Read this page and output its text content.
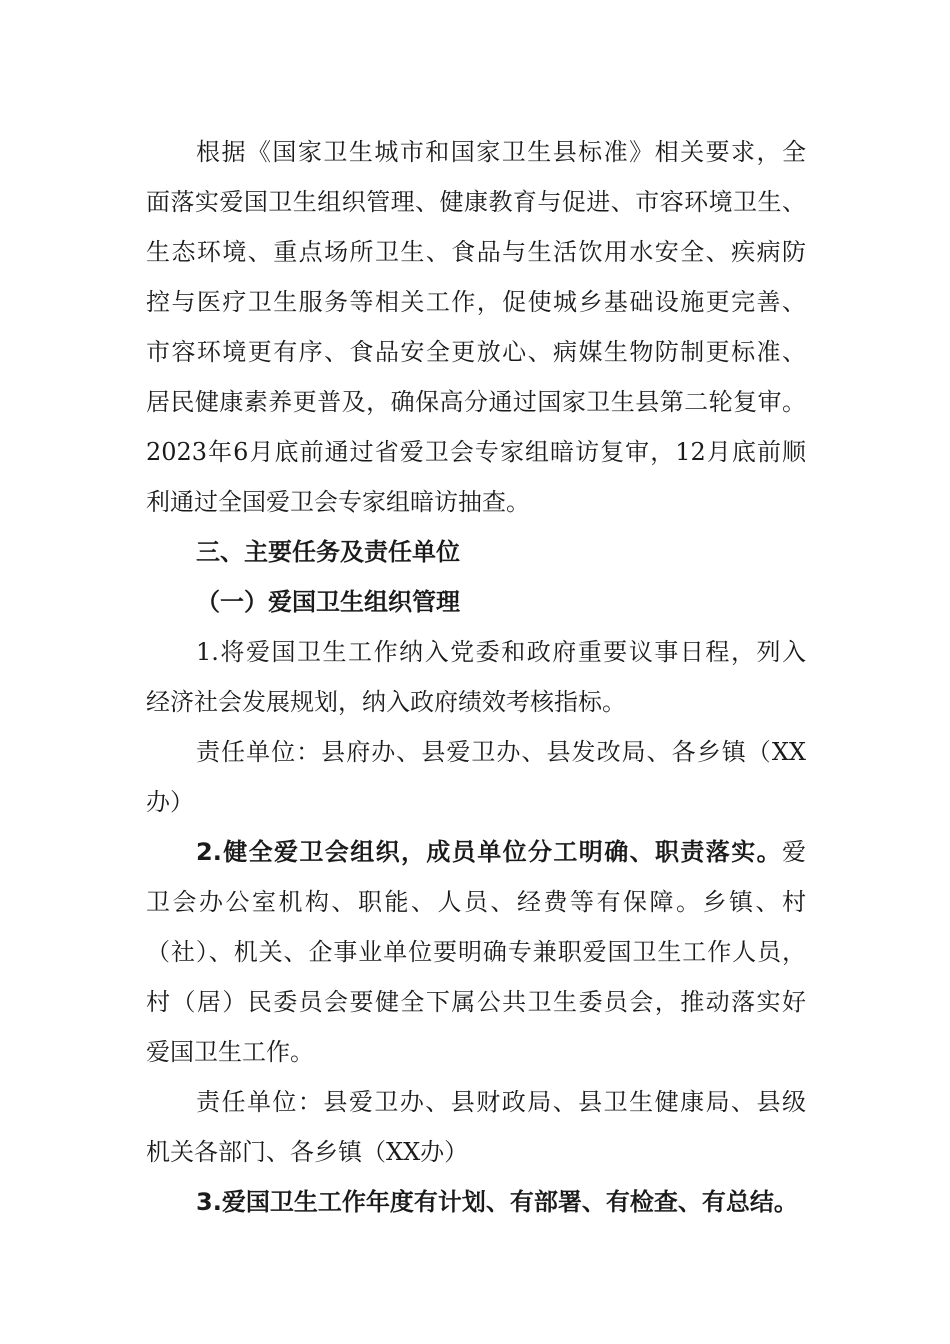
根据《国家卫生城市和国家卫生县标准》相关要求，全
面落实爱国卫生组织管理、健康教育与促进、市容环境卫生、
生态环境、重点场所卫生、食品与生活饮用水安全、疾病防
控与医疗卫生服务等相关工作，促使城乡基础设施更完善、
市容环境更有序、食品安全更放心、病媒生物防制更标准、
居民健康素养更普及，确保高分通过国家卫生县第二轮复审。
2023年6月底前通过省爱卫会专家组暗访复审，12月底前顺
利通过全国爱卫会专家组暗访抽查。
三、主要任务及责任单位
（一）爱国卫生组织管理
1.将爱国卫生工作纳入党委和政府重要议事日程，列入
经济社会发展规划，纳入政府绩效考核指标。
责任单位：县府办、县爱卫办、县发改局、各乡镇（XX
办）
2.健全爱卫会组织，成员单位分工明确、职责落实。爱
卫会办公室机构、职能、人员、经费等有保障。乡镇、村
（社）、机关、企事业单位要明确专兼职爱国卫生工作人员，
村（居）民委员会要健全下属公共卫生委员会，推动落实好
爱国卫生工作。
责任单位：县爱卫办、县财政局、县卫生健康局、县级
机关各部门、各乡镇（XX办）
3.爱国卫生工作年度有计划、有部署、有检查、有总结。
